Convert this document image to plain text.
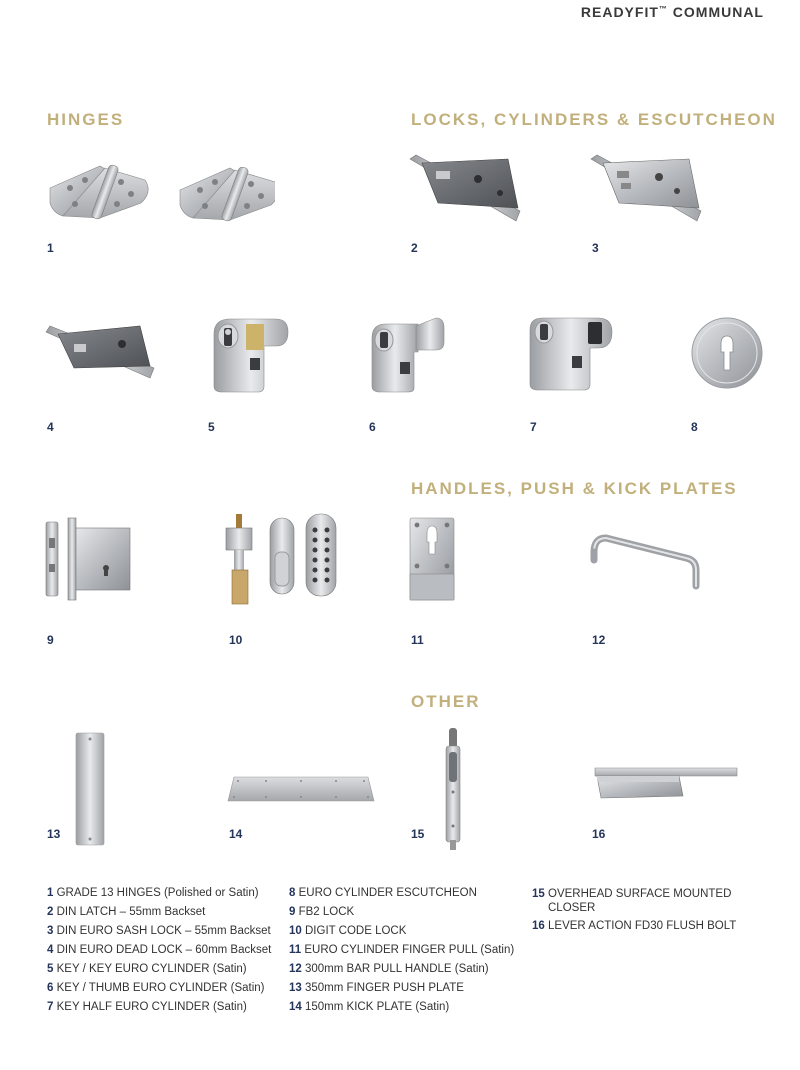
READYFIT™ COMMUNAL
HINGES	LOCKS, CYLINDERS & ESCUTCHEON
HANDLES, PUSH & KICK PLATES
OTHER
1	2	3
4	5	6	7	8
9	10	11	12
13	14	15	16
1 GRADE 13 HINGES (Polished or Satin)
2 DIN LATCH – 55mm Backset
3 DIN EURO SASH LOCK – 55mm Backset
4 DIN EURO DEAD LOCK – 60mm Backset
5 KEY / KEY EURO CYLINDER (Satin)
6 KEY / THUMB EURO CYLINDER (Satin)
7 KEY HALF EURO CYLINDER (Satin)
8 EURO CYLINDER ESCUTCHEON
9 FB2 LOCK
10 DIGIT CODE LOCK
11 EURO CYLINDER FINGER PULL (Satin)
12 300mm BAR PULL HANDLE (Satin)
13 350mm FINGER PUSH PLATE
14 150mm KICK PLATE (Satin)
15 OVERHEAD SURFACE MOUNTED CLOSER
16 LEVER ACTION FD30 FLUSH BOLT
